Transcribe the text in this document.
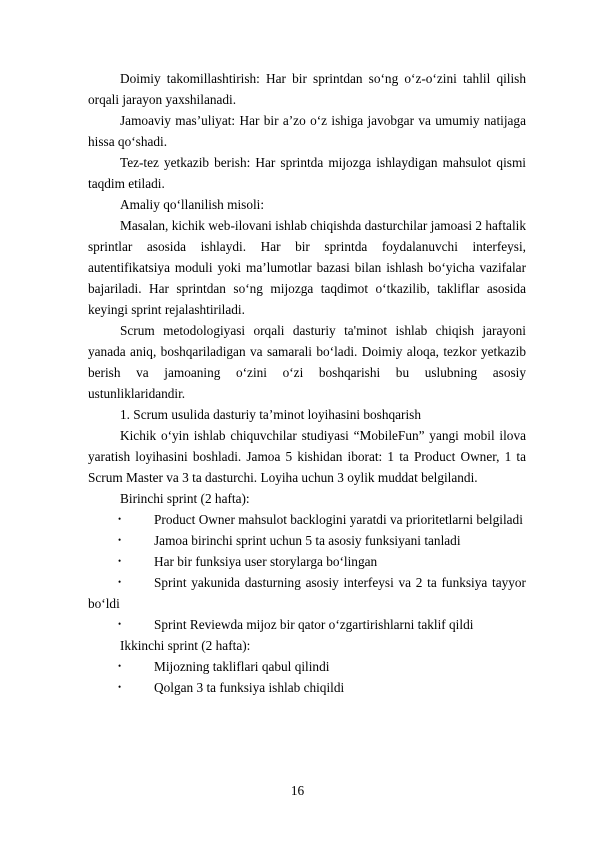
Doimiy takomillashtirish: Har bir sprintdan so‘ng o‘z-o‘zini tahlil qilish orqali jarayon yaxshilanadi.

Jamoaviy mas’uliyat: Har bir a’zo o‘z ishiga javobgar va umumiy natijaga hissa qo‘shadi.

Tez-tez yetkazib berish: Har sprintda mijozga ishlaydigan mahsulot qismi taqdim etiladi.

Amaliy qo‘llanilish misoli:

Masalan, kichik web-ilovani ishlab chiqishda dasturchilar jamoasi 2 haftalik sprintlar asosida ishlaydi. Har bir sprintda foydalanuvchi interfeysi, autentifikatsiya moduli yoki ma’lumotlar bazasi bilan ishlash bo‘yicha vazifalar bajariladi. Har sprintdan so‘ng mijozga taqdimot o‘tkazilib, takliflar asosida keyingi sprint rejalashtiriladi.

Scrum metodologiyasi orqali dasturiy ta'minot ishlab chiqish jarayoni yanada aniq, boshqariladigan va samarali bo‘ladi. Doimiy aloqa, tezkor yetkazib berish va jamoaning o‘zini o‘zi boshqarishi bu uslubning asosiy ustunliklaridandir.

1. Scrum usulida dasturiy ta’minot loyihasini boshqarish

Kichik o‘yin ishlab chiquvchilar studiyasi “MobileFun” yangi mobil ilova yaratish loyihasini boshladi. Jamoa 5 kishidan iborat: 1 ta Product Owner, 1 ta Scrum Master va 3 ta dasturchi. Loyiha uchun 3 oylik muddat belgilandi.

Birinchi sprint (2 hafta):

• Product Owner mahsulot backlogini yaratdi va prioritetlarni belgiladi

• Jamoa birinchi sprint uchun 5 ta asosiy funksiyani tanladi

• Har bir funksiya user storylarga bo‘lingan

• Sprint yakunida dasturning asosiy interfeysi va 2 ta funksiya tayyor bo‘ldi

• Sprint Reviewda mijoz bir qator o‘zgartirishlarni taklif qildi

Ikkinchi sprint (2 hafta):

• Mijozning takliflari qabul qilindi

• Qolgan 3 ta funksiya ishlab chiqildi

16
